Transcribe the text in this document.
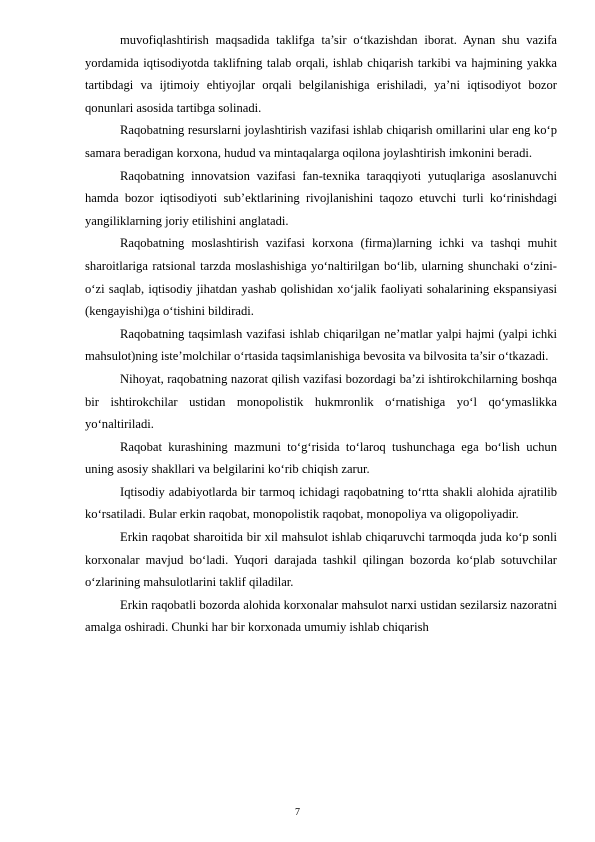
muvofiqlashtirish maqsadida taklifga ta’sir o‘tkazishdan iborat. Aynan shu vazifa yordamida iqtisodiyotda taklifning talab orqali, ishlab chiqarish tarkibi va hajmining yakka tartibdagi va ijtimoiy ehtiyojlar orqali belgilanishiga erishiladi, ya’ni iqtisodiyot bozor qonunlari asosida tartibga solinadi.

Raqobatning resurslarni joylashtirish vazifasi ishlab chiqarish omillarini ular eng ko‘p samara beradigan korxona, hudud va mintaqalarga oqilona joylashtirish imkonini beradi.

Raqobatning innovatsion vazifasi fan-texnika taraqqiyoti yutuqlariga asoslanuvchi hamda bozor iqtisodiyoti sub’ektlarining rivojlanishini taqozo etuvchi turli ko‘rinishdagi yangiliklarning joriy etilishini anglatadi.

Raqobatning moslashtirish vazifasi korxona (firma)larning ichki va tashqi muhit sharoitlariga ratsional tarzda moslashishiga yo‘naltirilgan bo‘lib, ularning shunchaki o‘zini-o‘zi saqlab, iqtisodiy jihatdan yashab qolishidan xo‘jalik faoliyati sohalarining ekspansiyasi (kengayishi)ga o‘tishini bildiradi.

Raqobatning taqsimlash vazifasi ishlab chiqarilgan ne’matlar yalpi hajmi (yalpi ichki mahsulot)ning iste’molchilar o‘rtasida taqsimlanishiga bevosita va bilvosita ta’sir o‘tkazadi.

Nihoyat, raqobatning nazorat qilish vazifasi bozordagi ba’zi ishtirokchilarning boshqa bir ishtirokchilar ustidan monopolistik hukmronlik o‘rnatishiga yo‘l qo‘ymaslikka yo‘naltiriladi.

Raqobat kurashining mazmuni to‘g‘risida to‘laroq tushunchaga ega bo‘lish uchun uning asosiy shakllari va belgilarini ko‘rib chiqish zarur.

Iqtisodiy adabiyotlarda bir tarmoq ichidagi raqobatning to‘rtta shakli alohida ajratilib ko‘rsatiladi. Bular erkin raqobat, monopolistik raqobat, monopoliya va oligopoliyadir.

Erkin raqobat sharoitida bir xil mahsulot ishlab chiqaruvchi tarmoqda juda ko‘p sonli korxonalar mavjud bo‘ladi. Yuqori darajada tashkil qilingan bozorda ko‘plab sotuvchilar o‘zlarining mahsulotlarini taklif qiladilar.

Erkin raqobatli bozorda alohida korxonalar mahsulot narxi ustidan sezilarsiz nazoratni amalga oshiradi. Chunki har bir korxonada umumiy ishlab chiqarish

7
